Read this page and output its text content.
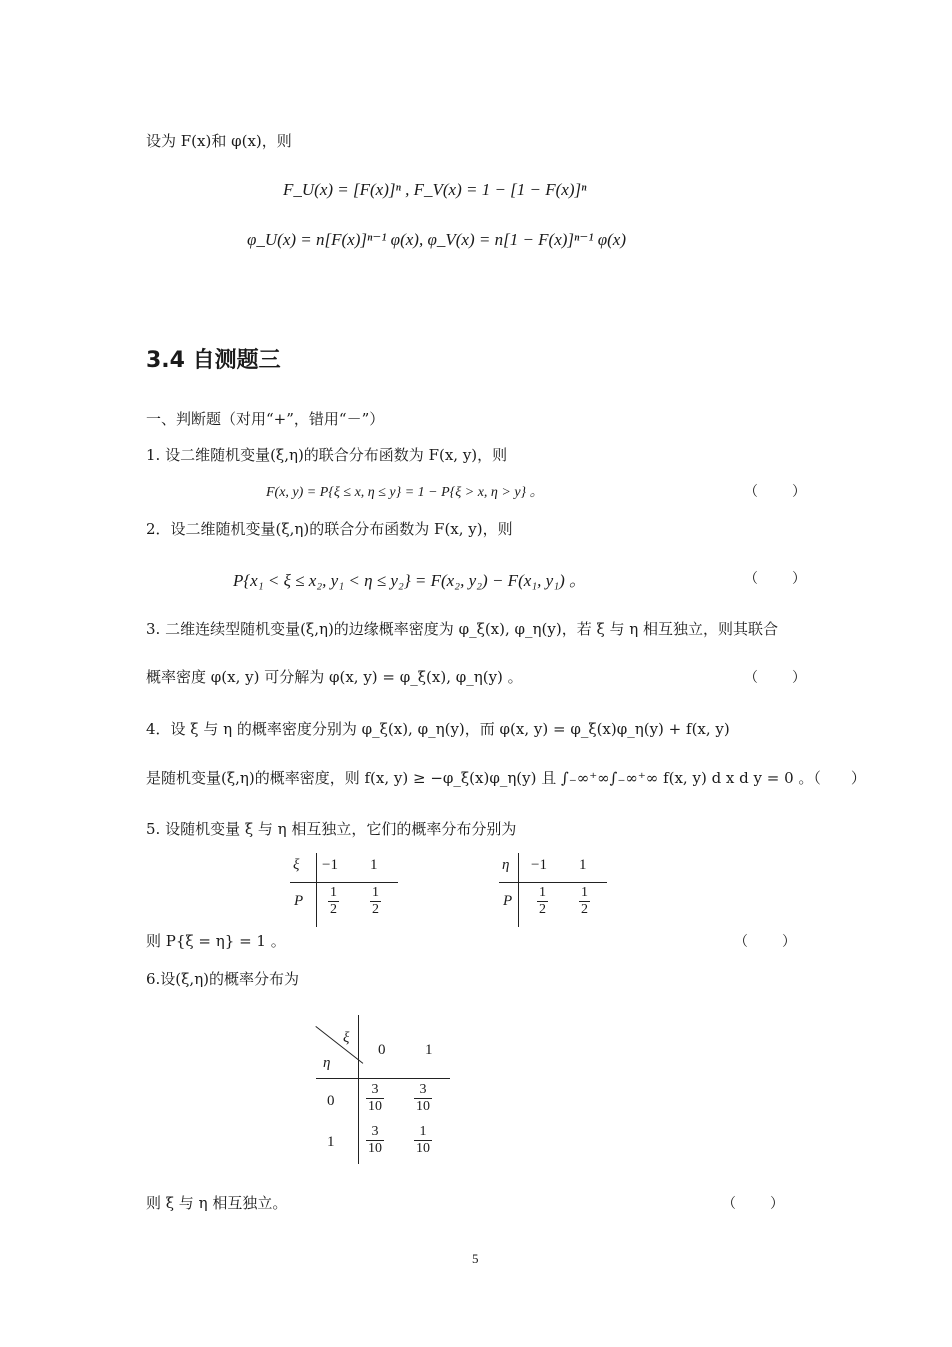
设为 F(x)和 φ(x)，则
F_U(x) = [F(x)]ⁿ , F_V(x) = 1 − [1 − F(x)]ⁿ
φ_U(x) = n[F(x)]ⁿ⁻¹ φ(x), φ_V(x) = n[1 − F(x)]ⁿ⁻¹ φ(x)
3.4 自测题三
一、判断题（对用“+”，错用“－”）
1. 设二维随机变量(ξ,η)的联合分布函数为 F(x, y)，则
F(x, y) = P{ξ ≤ x, η ≤ y} = 1 − P{ξ > x, η > y} 。	（　　）
2．设二维随机变量(ξ,η)的联合分布函数为 F(x, y)，则
P{x₁ < ξ ≤ x₂, y₁ < η ≤ y₂} = F(x₂, y₂) − F(x₁, y₁) 。	（　　）
3. 二维连续型随机变量(ξ,η)的边缘概率密度为 φ_ξ(x), φ_η(y)，若 ξ 与 η 相互独立，则其联合
概率密度 φ(x, y) 可分解为 φ(x, y) = φ_ξ(x), φ_η(y) 。	（　　）
4．设 ξ 与 η 的概率密度分别为 φ_ξ(x), φ_η(y)，而 φ(x, y) = φ_ξ(x)φ_η(y) + f(x, y)
是随机变量(ξ,η)的概率密度，则 f(x, y) ≥ −φ_ξ(x)φ_η(y) 且 ∫₋∞⁺∞∫₋∞⁺∞ f(x, y) d x d y = 0 。（　　）
5. 设随机变量 ξ 与 η 相互独立，它们的概率分布分别为
ξ −1 1
P $\frac{1}{2} \frac{1}{2}$
η −1 1
P $\frac{1}{2} \frac{1}{2}$
则 P{ξ = η} = 1 。	（　　）
6.设(ξ,η)的概率分布为
ξ
η
0	1
$0 \frac{3}{10} \frac{3}{10}$
$1 \frac{3}{10} \frac{1}{10}$
则 ξ 与 η 相互独立。	（　　）
5
